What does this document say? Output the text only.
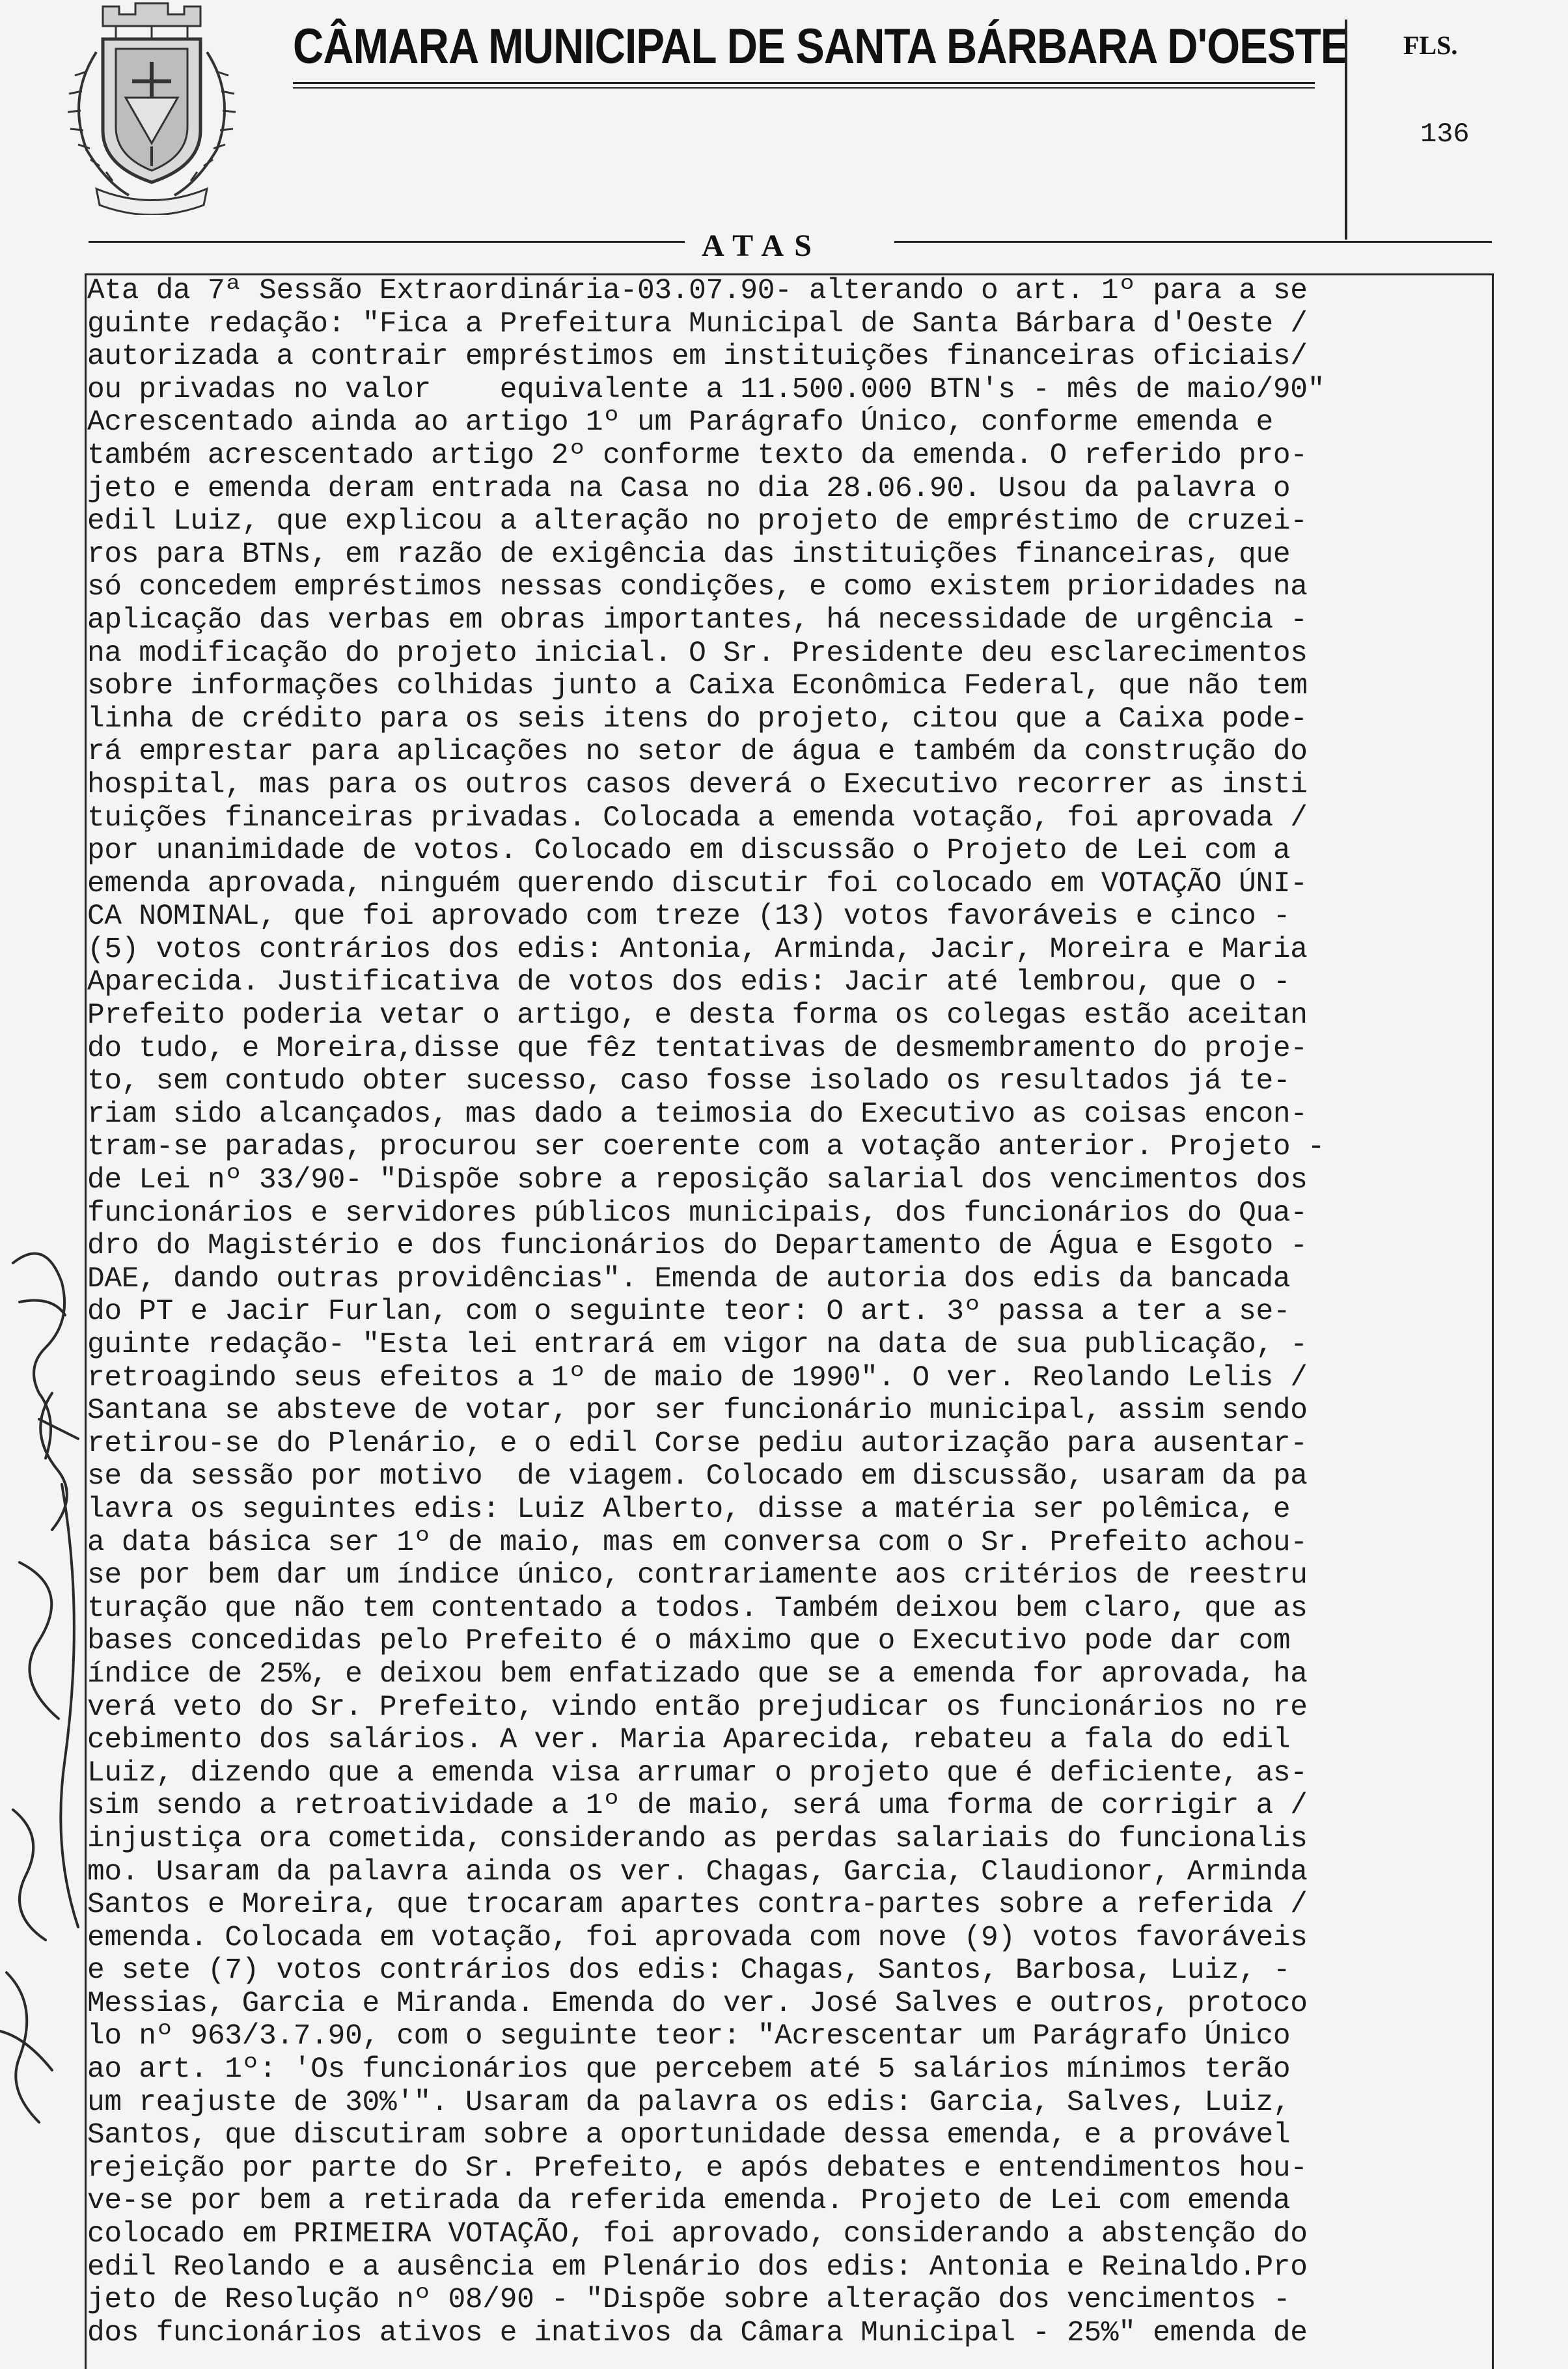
CÂMARA MUNICIPAL DE SANTA BÁRBARA D'OESTE FLS.
136
ATAS
Ata da 7ª Sessão Extraordinária-03.07.90- alterando o art. 1º para a se
guinte redação: "Fica a Prefeitura Municipal de Santa Bárbara d'Oeste /
autorizada a contrair empréstimos em instituições financeiras oficiais/
ou privadas no valor    equivalente a 11.500.000 BTN's - mês de maio/90"
Acrescentado ainda ao artigo 1º um Parágrafo Único, conforme emenda e
também acrescentado artigo 2º conforme texto da emenda. O referido pro-
jeto e emenda deram entrada na Casa no dia 28.06.90. Usou da palavra o
edil Luiz, que explicou a alteração no projeto de empréstimo de cruzei-
ros para BTNs, em razão de exigência das instituições financeiras, que
só concedem empréstimos nessas condições, e como existem prioridades na
aplicação das verbas em obras importantes, há necessidade de urgência -
na modificação do projeto inicial. O Sr. Presidente deu esclarecimentos
sobre informações colhidas junto a Caixa Econômica Federal, que não tem
linha de crédito para os seis itens do projeto, citou que a Caixa pode-
rá emprestar para aplicações no setor de água e também da construção do
hospital, mas para os outros casos deverá o Executivo recorrer as insti
tuições financeiras privadas. Colocada a emenda votação, foi aprovada /
por unanimidade de votos. Colocado em discussão o Projeto de Lei com a
emenda aprovada, ninguém querendo discutir foi colocado em VOTAÇÃO ÚNI-
CA NOMINAL, que foi aprovado com treze (13) votos favoráveis e cinco -
(5) votos contrários dos edis: Antonia, Arminda, Jacir, Moreira e Maria
Aparecida. Justificativa de votos dos edis: Jacir até lembrou, que o -
Prefeito poderia vetar o artigo, e desta forma os colegas estão aceitan
do tudo, e Moreira,disse que fêz tentativas de desmembramento do proje-
to, sem contudo obter sucesso, caso fosse isolado os resultados já te-
riam sido alcançados, mas dado a teimosia do Executivo as coisas encon-
tram-se paradas, procurou ser coerente com a votação anterior. Projeto -
de Lei nº 33/90- "Dispõe sobre a reposição salarial dos vencimentos dos
funcionários e servidores públicos municipais, dos funcionários do Qua-
dro do Magistério e dos funcionários do Departamento de Água e Esgoto -
DAE, dando outras providências". Emenda de autoria dos edis da bancada
do PT e Jacir Furlan, com o seguinte teor: O art. 3º passa a ter a se-
guinte redação- "Esta lei entrará em vigor na data de sua publicação, -
retroagindo seus efeitos a 1º de maio de 1990". O ver. Reolando Lelis /
Santana se absteve de votar, por ser funcionário municipal, assim sendo
retirou-se do Plenário, e o edil Corse pediu autorização para ausentar-
se da sessão por motivo  de viagem. Colocado em discussão, usaram da pa
lavra os seguintes edis: Luiz Alberto, disse a matéria ser polêmica, e
a data básica ser 1º de maio, mas em conversa com o Sr. Prefeito achou-
se por bem dar um índice único, contrariamente aos critérios de reestru
turação que não tem contentado a todos. Também deixou bem claro, que as
bases concedidas pelo Prefeito é o máximo que o Executivo pode dar com
índice de 25%, e deixou bem enfatizado que se a emenda for aprovada, ha
verá veto do Sr. Prefeito, vindo então prejudicar os funcionários no re
cebimento dos salários. A ver. Maria Aparecida, rebateu a fala do edil
Luiz, dizendo que a emenda visa arrumar o projeto que é deficiente, as-
sim sendo a retroatividade a 1º de maio, será uma forma de corrigir a /
injustiça ora cometida, considerando as perdas salariais do funcionalis
mo. Usaram da palavra ainda os ver. Chagas, Garcia, Claudionor, Arminda
Santos e Moreira, que trocaram apartes contra-partes sobre a referida /
emenda. Colocada em votação, foi aprovada com nove (9) votos favoráveis
e sete (7) votos contrários dos edis: Chagas, Santos, Barbosa, Luiz, -
Messias, Garcia e Miranda. Emenda do ver. José Salves e outros, protoco
lo nº 963/3.7.90, com o seguinte teor: "Acrescentar um Parágrafo Único
ao art. 1º: 'Os funcionários que percebem até 5 salários mínimos terão
um reajuste de 30%'". Usaram da palavra os edis: Garcia, Salves, Luiz,
Santos, que discutiram sobre a oportunidade dessa emenda, e a provável
rejeição por parte do Sr. Prefeito, e após debates e entendimentos hou-
ve-se por bem a retirada da referida emenda. Projeto de Lei com emenda
colocado em PRIMEIRA VOTAÇÃO, foi aprovado, considerando a abstenção do
edil Reolando e a ausência em Plenário dos edis: Antonia e Reinaldo.Pro
jeto de Resolução nº 08/90 - "Dispõe sobre alteração dos vencimentos -
dos funcionários ativos e inativos da Câmara Municipal - 25%" emenda de
